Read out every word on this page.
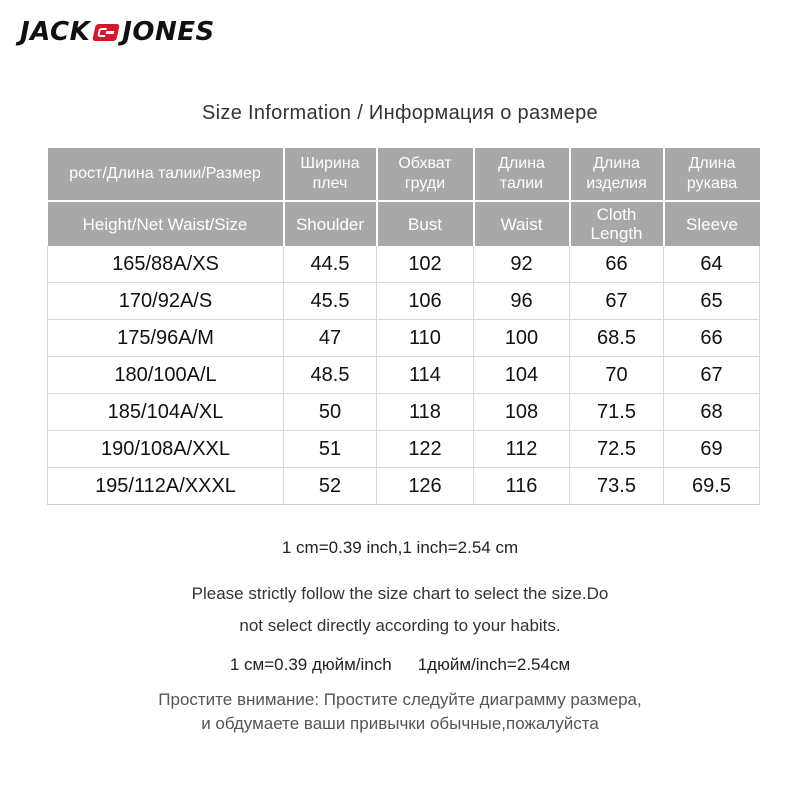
JACK JONES
Size Information / Информация о размере
рост/Длина талии/Размер	Ширина плеч	Обхват груди	Длина талии	Длина изделия	Длина рукава
Height/Net Waist/Size	Shoulder	Bust	Waist	Cloth Length	Sleeve
165/88A/XS	44.5	102	92	66	64
170/92A/S	45.5	106	96	67	65
175/96A/M	47	110	100	68.5	66
180/100A/L	48.5	114	104	70	67
185/104A/XL	50	118	108	71.5	68
190/108A/XXL	51	122	112	72.5	69
195/112A/XXXL	52	126	116	73.5	69.5
1 cm=0.39 inch,1 inch=2.54 cm
Please strictly follow the size chart to select the size.Do
not select directly according to your habits.
1 см=0.39 дюйм/inch 1дюйм/inch=2.54см
Простите внимание: Простите следуйте диаграмму размера,
и обдумаете ваши привычки обычные,пожалуйста
